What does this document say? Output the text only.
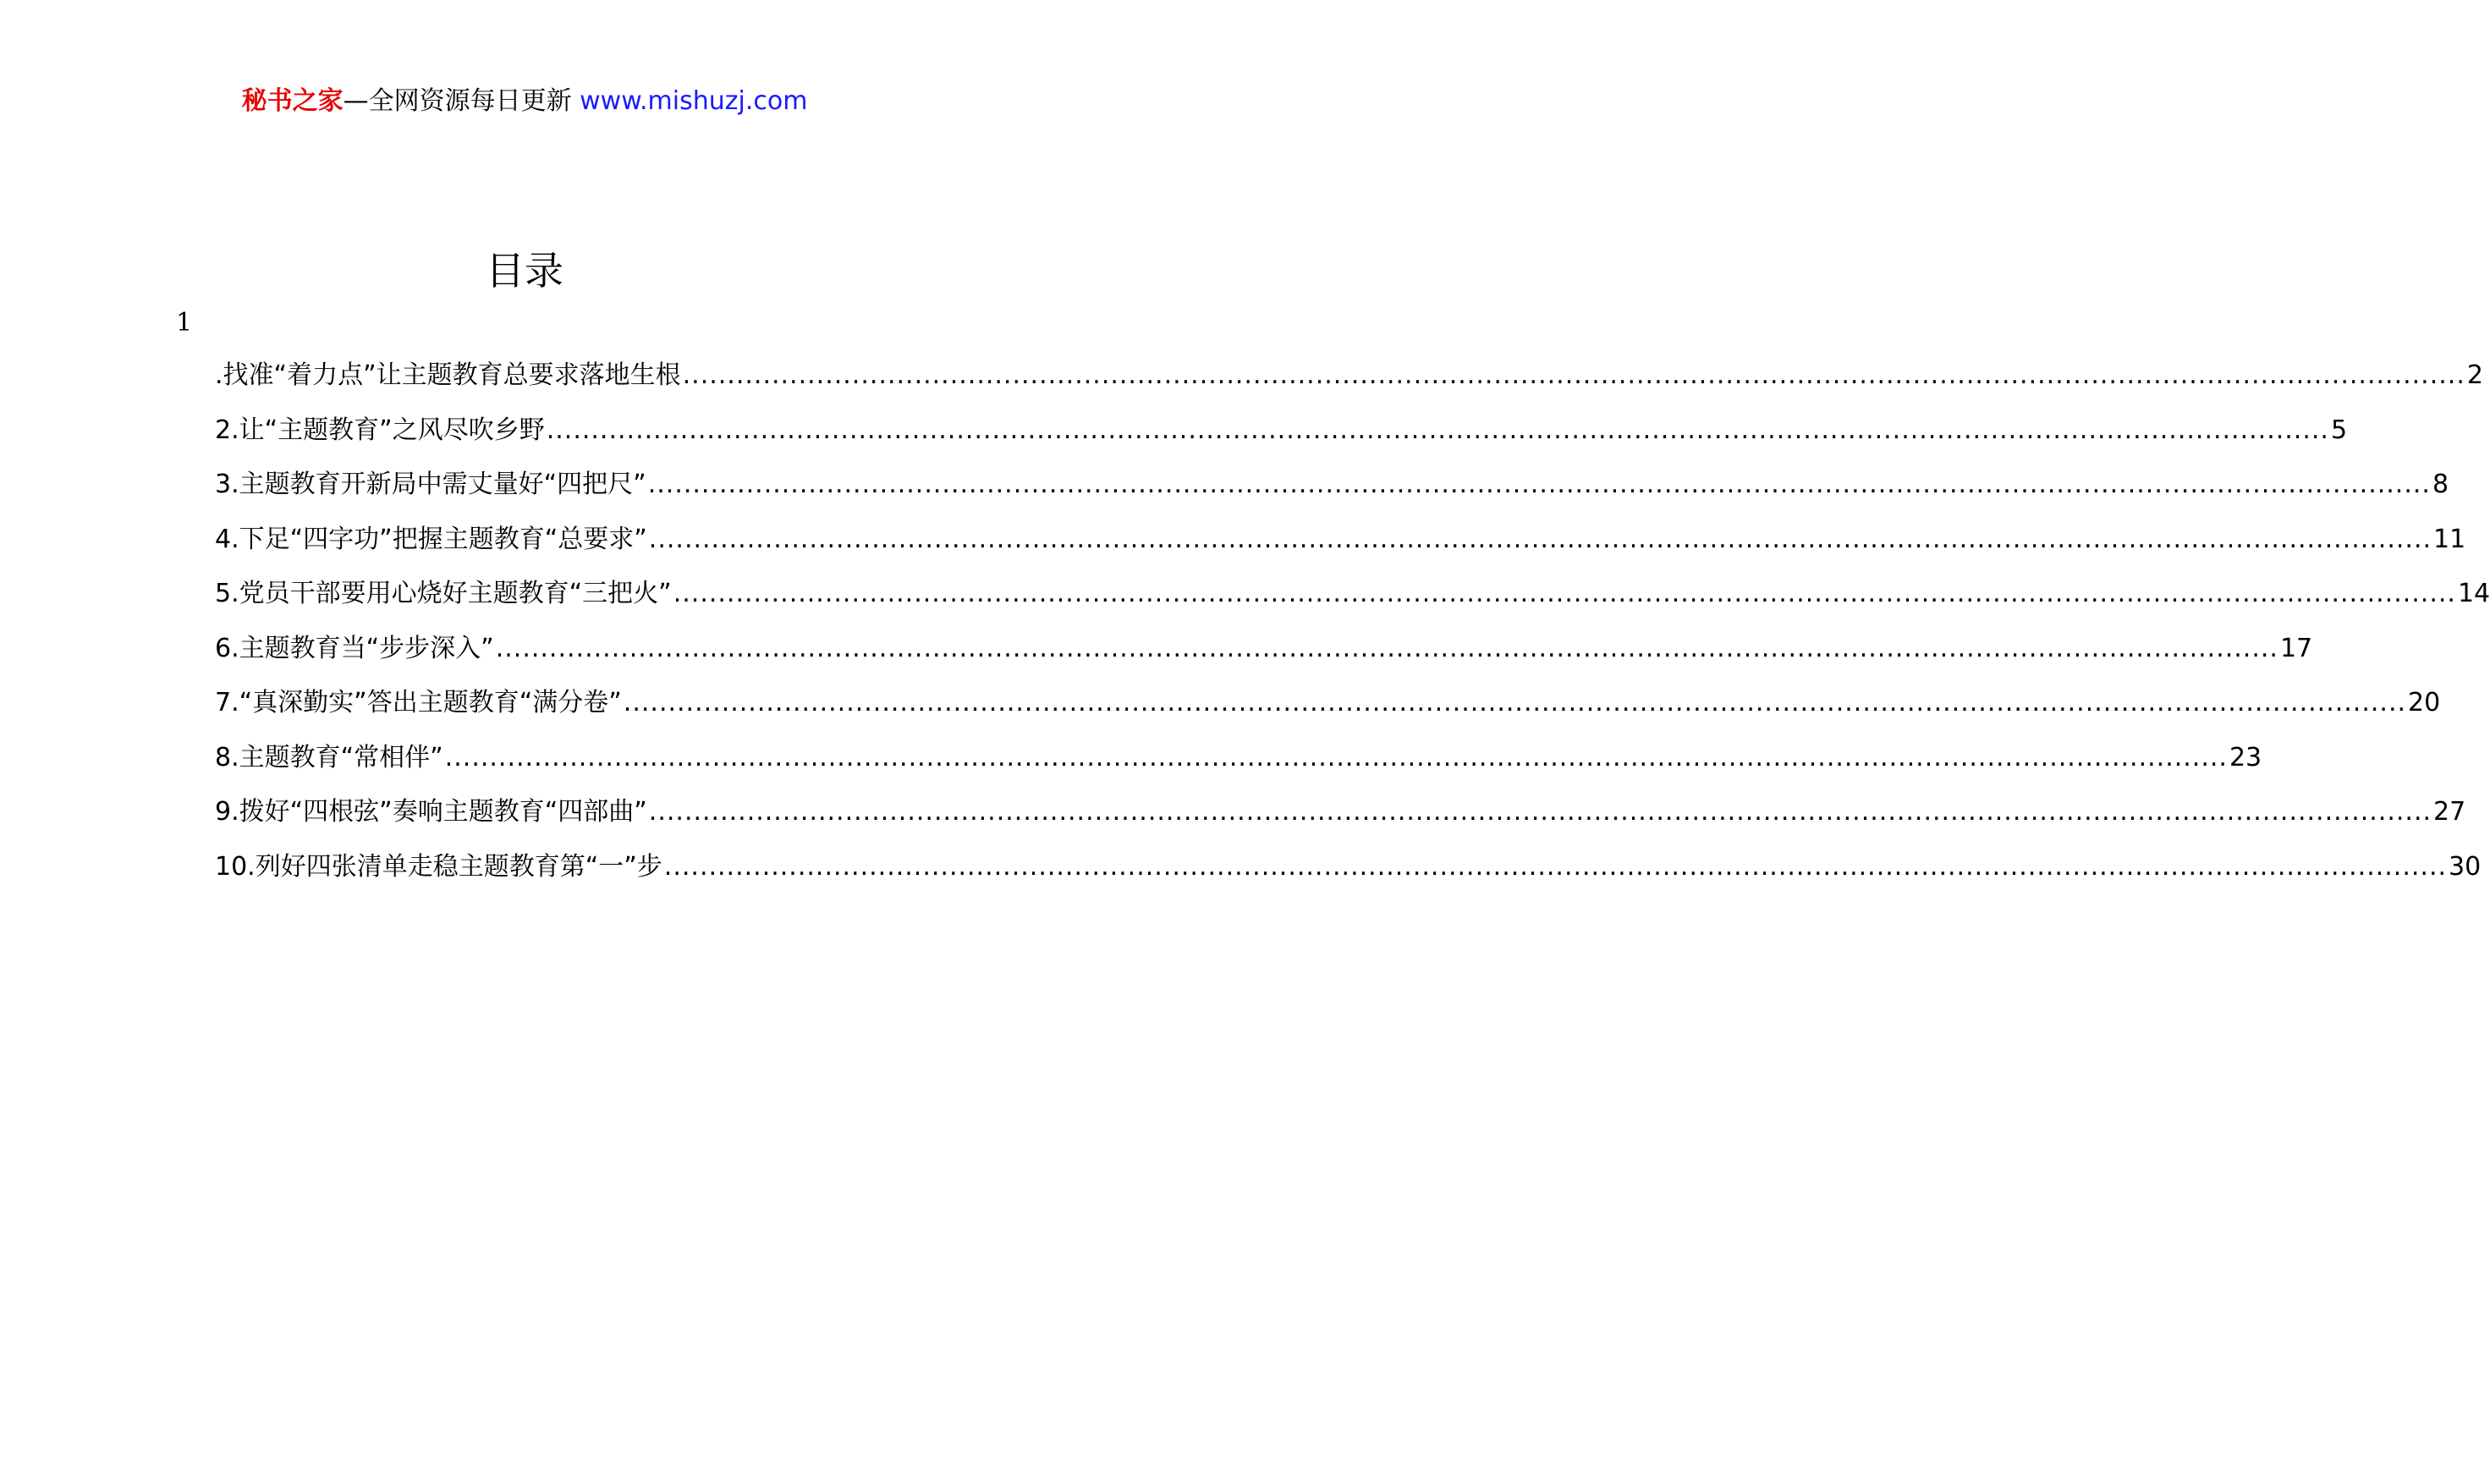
秘书之家—全网资源每日更新 www.mishuzj.com
目录
1
.找准“着力点”让主题教育总要求落地生根 ........................................................................................................................................................................................................ 2
2.让“主题教育”之风尽吹乡野 ........................................................................................................................................................................................................ 5
3.主题教育开新局中需丈量好“四把尺” ........................................................................................................................................................................................................ 8
4.下足“四字功”把握主题教育“总要求” ........................................................................................................................................................................................................ 11
5.党员干部要用心烧好主题教育“三把火” ........................................................................................................................................................................................................ 14
6.主题教育当“步步深入” ........................................................................................................................................................................................................ 17
7.“真深勤实”答出主题教育“满分卷” ........................................................................................................................................................................................................ 20
8.主题教育“常相伴” ........................................................................................................................................................................................................ 23
9.拨好“四根弦”奏响主题教育“四部曲” ........................................................................................................................................................................................................ 27
10.列好四张清单走稳主题教育第“一”步 ........................................................................................................................................................................................................ 30
